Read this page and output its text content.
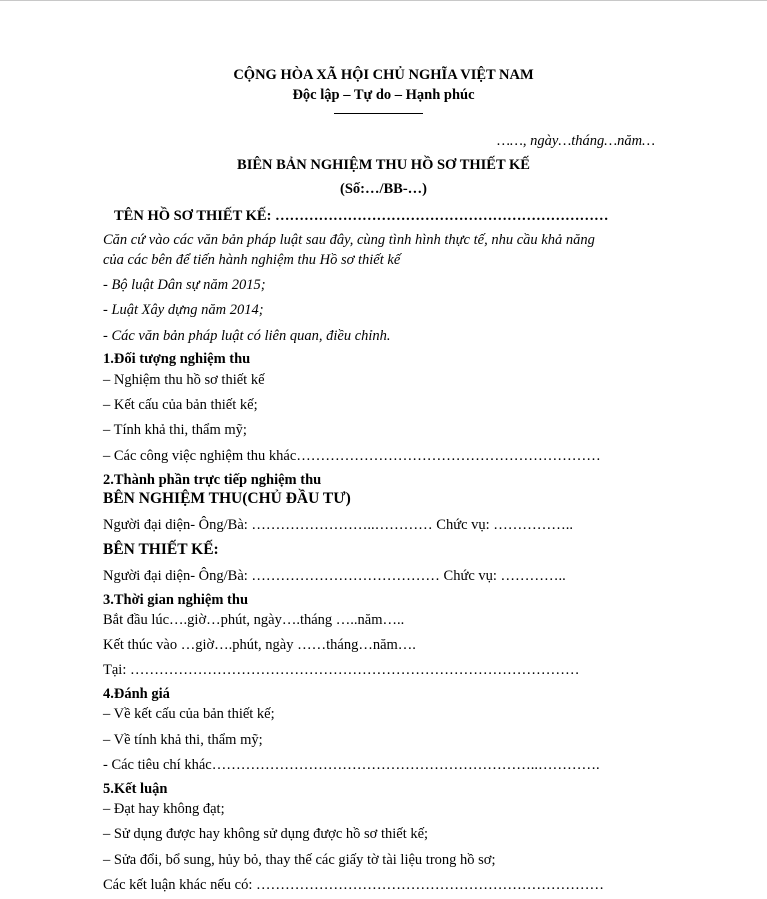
CỘNG HÒA XÃ HỘI CHỦ NGHĨA VIỆT NAM
Độc lập – Tự do – Hạnh phúc
……, ngày…tháng…năm…
BIÊN BẢN NGHIỆM THU HỒ SƠ THIẾT KẾ
(Số:…/BB-…)
TÊN HỒ SƠ THIẾT KẾ: ……………………………………………………………
Căn cứ vào các văn bản pháp luật sau đây, cùng tình hình thực tế, nhu cầu khả năng
của các bên để tiến hành nghiệm thu Hồ sơ thiết kế
- Bộ luật Dân sự năm 2015;
- Luật Xây dựng năm 2014;
- Các văn bản pháp luật có liên quan, điều chỉnh.
1.Đối tượng nghiệm thu
– Nghiệm thu hồ sơ thiết kế
– Kết cấu của bản thiết kế;
– Tính khả thi, thẩm mỹ;
– Các công việc nghiệm thu khác………………………………………………………
2.Thành phần trực tiếp nghiệm thu
BÊN NGHIỆM THU(CHỦ ĐẦU TƯ)
Người đại diện- Ông/Bà: ……………………..………… Chức vụ: ……………..
BÊN THIẾT KẾ:
Người đại diện- Ông/Bà: ………………………………… Chức vụ: …………..
3.Thời gian nghiệm thu
Bắt đầu lúc….giờ…phút, ngày….tháng …..năm…..
Kết thúc vào …giờ….phút, ngày ……tháng…năm….
Tại: …………………………………………………………………………………
4.Đánh giá
– Về kết cấu của bản thiết kế;
– Về tính khả thi, thẩm mỹ;
- Các tiêu chí khác…………………………………………………………..………….
5.Kết luận
– Đạt hay không đạt;
– Sử dụng được hay không sử dụng được hồ sơ thiết kế;
– Sửa đổi, bổ sung, hủy bỏ, thay thế các giấy tờ tài liệu trong hồ sơ;
Các kết luận khác nếu có: ………………………………………………………………
